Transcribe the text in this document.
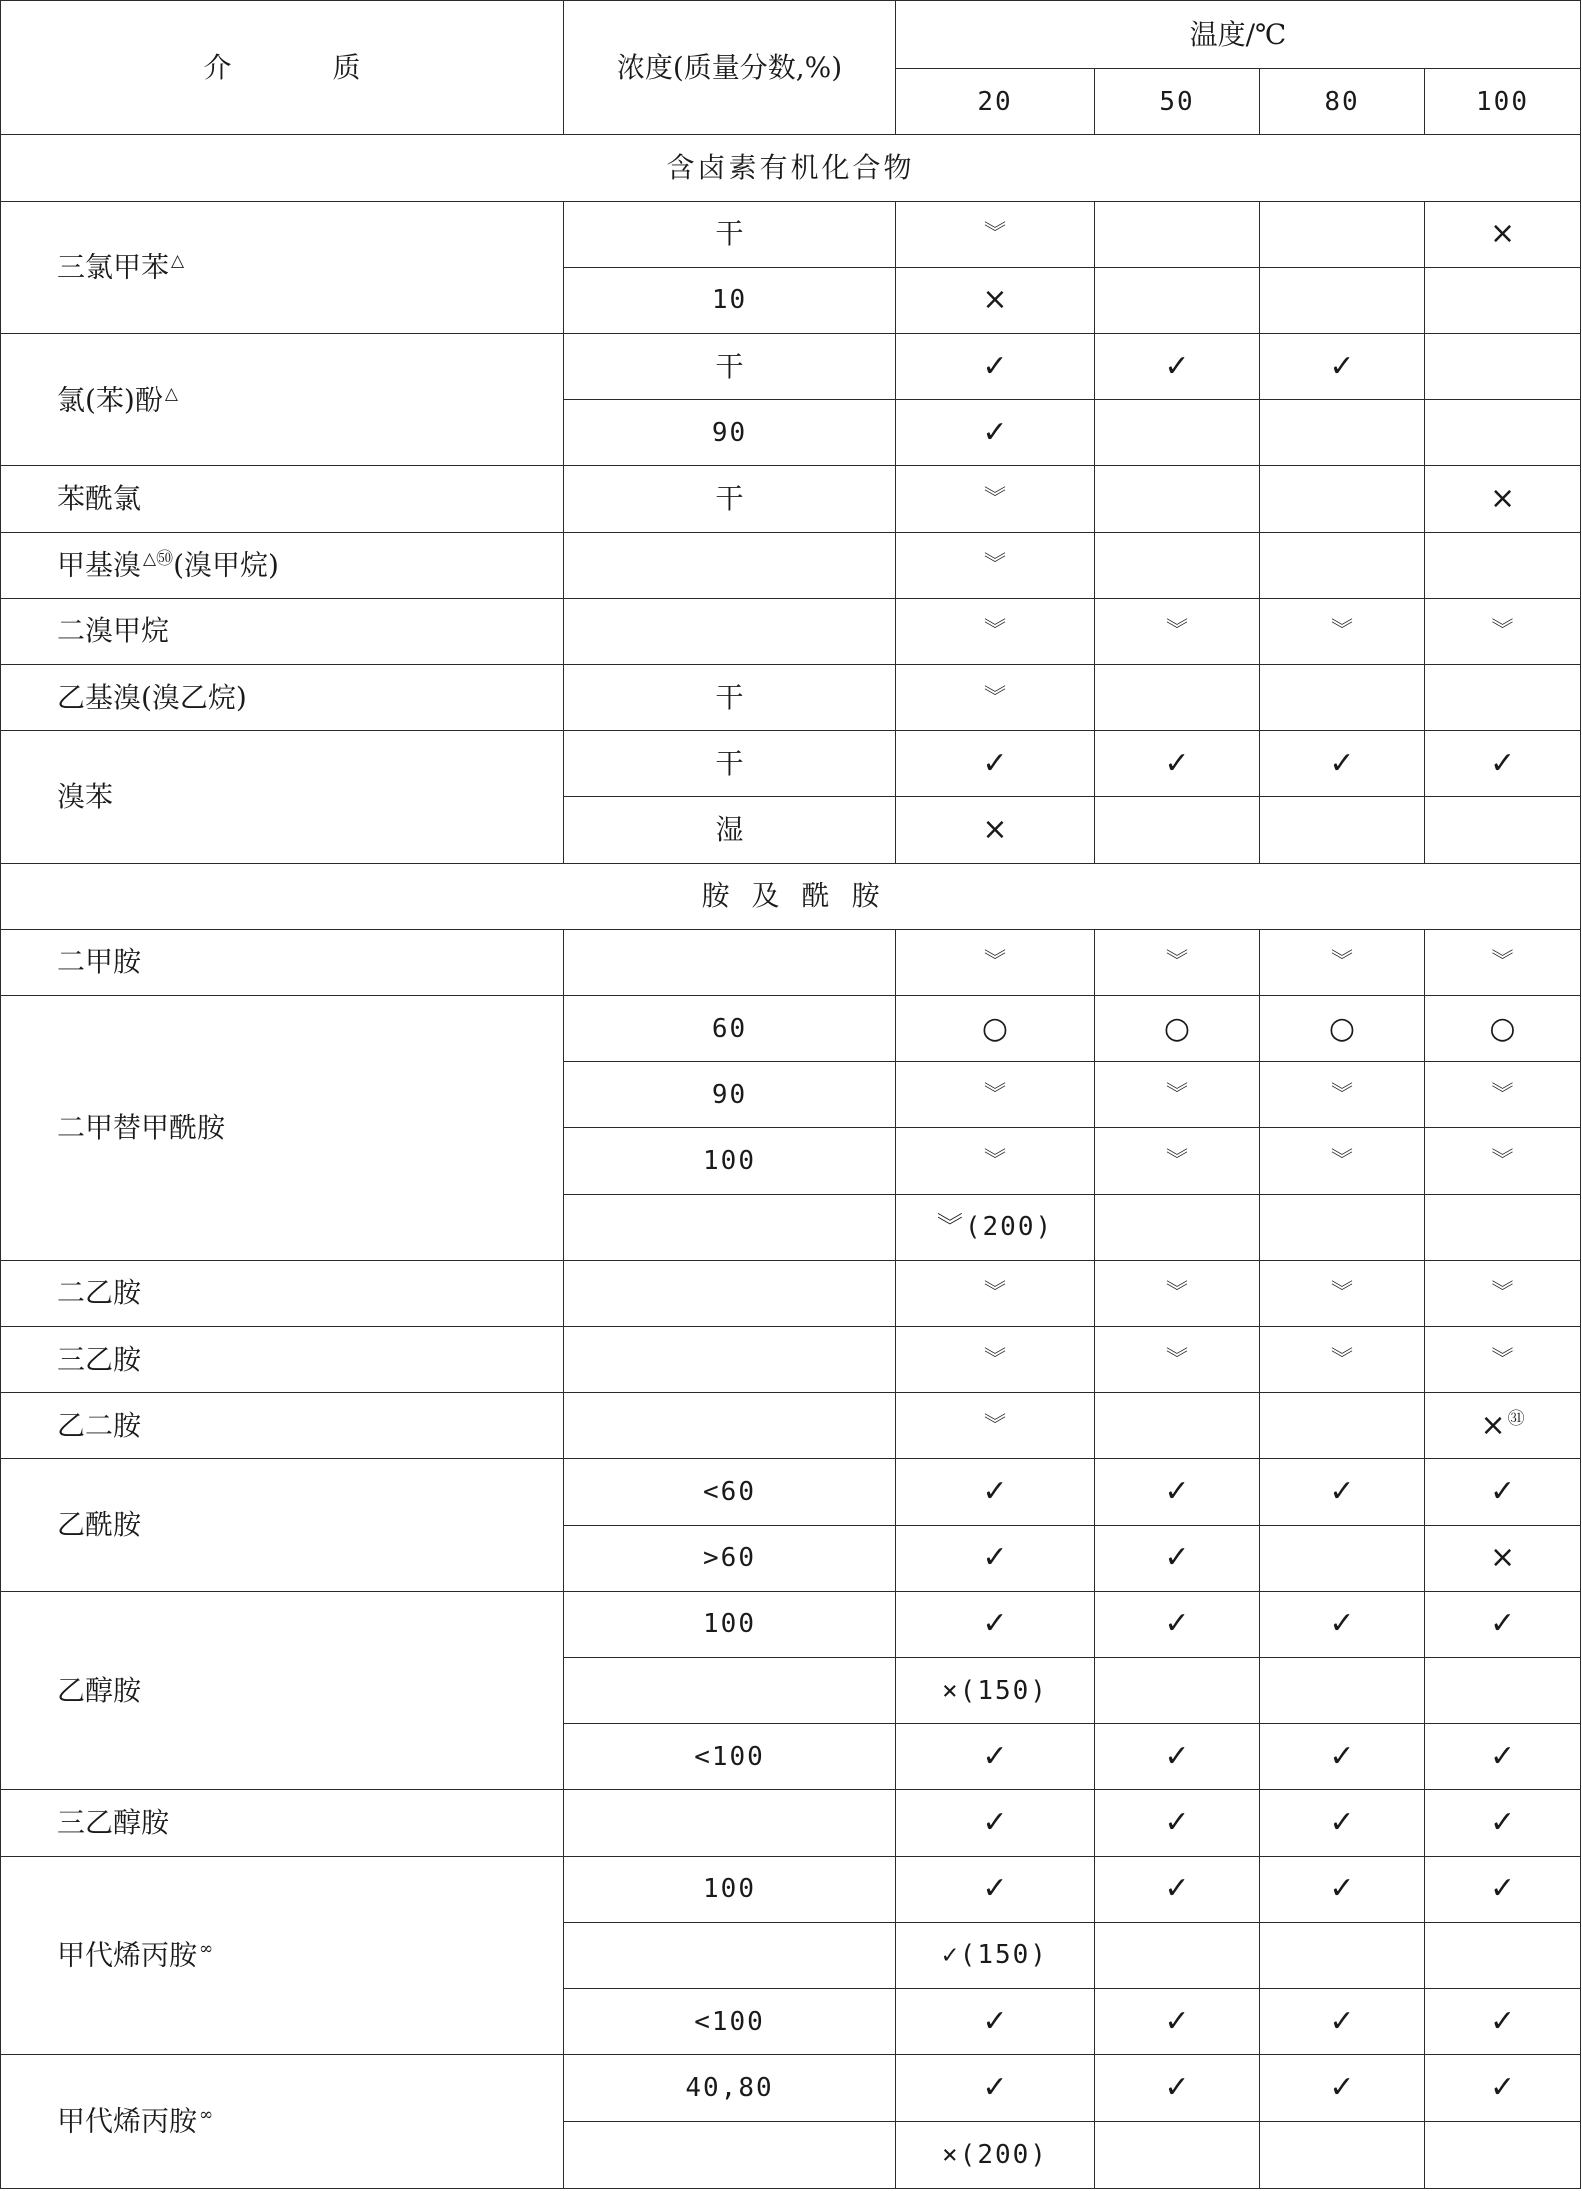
介 质	浓度(质量分数,%)	温度/℃			
		20	50	80	100
含卤素有机化合物					
三氯甲苯 △	干	︾			×
	10	×			
氯(苯)酚 △	干	✓	✓	✓	
	90	✓			
苯酰氯	干	︾			×
甲基溴 $^{\triangle ㊿}$(溴甲烷)		︾			
二溴甲烷		︾	︾	︾	︾
乙基溴(溴乙烷)	干	︾			
溴苯	干	✓	✓	✓	✓
	湿	×			
胺及酰胺					
二甲胺		︾	︾	︾	︾
二甲替甲酰胺	60	○	○	○	○
	90	︾	︾	︾	︾
	100	︾	︾	︾	︾
		︾(200)			
二乙胺		︾	︾	︾	︾
三乙胺		︾	︾	︾	︾
乙二胺		︾			× $^㉛$
乙酰胺	<60	✓	✓	✓	✓
	>60	✓	✓		×
乙醇胺	100	✓	✓	✓	✓
		×(150)			
	<100	✓	✓	✓	✓
三乙醇胺		✓	✓	✓	✓
甲代烯丙胺 ∞	100	✓	✓	✓	✓
		✓(150)			
	<100	✓	✓	✓	✓
甲代烯丙胺 ∞	40,80	✓	✓	✓	✓
		×(200)			
